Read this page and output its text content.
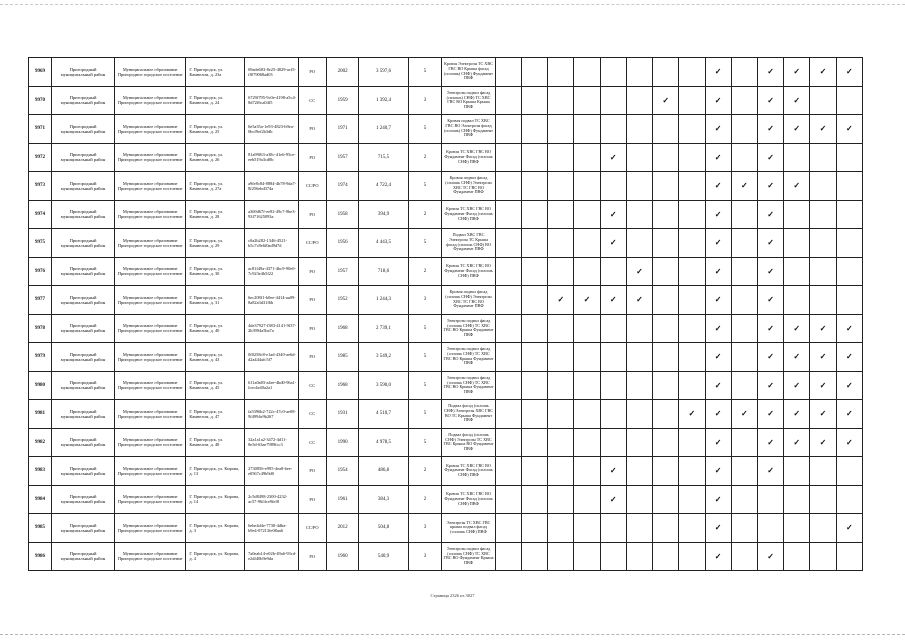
9969	Пригородный муниципальный район	Муниципальное образование Пригородное городское поселение	Г. Пригородск, ул. Камнелом, д. 23а	69ade683-8e25-4829-acf5-ff079068ad03	РО	2002	3 597,6	5	Кровля Электроэн ТС ХВС ГВС ВО Крыша фасад (сплошь) СНФ) Фундамент ПВФ									✓		✓	✓	✓	✓
9970	Пригородный муниципальный район	Муниципальное образование Пригородное городское поселение	Г. Пригородск, ул. Камнелом, д. 24	6729f795-9c0e-4198-a5c4-8d72f6ca04f5	СС	1959	1 392,4	3	Электроэн подвал фасад (сплошь) СНФ) ТС ХВС ГВС ВО Крыша Крыша ПВФ							✓		✓		✓	✓		
9971	Пригородный муниципальный район	Муниципальное образование Пригородное городское поселение	Г. Пригородск, ул. Камнелом, д. 25	6e5a35a-1e93-4823-b9ea-0bcf9ef2b3db	РО	1971	1 240,7	5	Кровля подвал ТС ХВС ГВС ВО Электроэн фасад (сплошь) СНФ) Фундамент ПВФ									✓		✓	✓	✓	✓
9972	Пригородный муниципальный район	Муниципальное образование Пригородное городское поселение	Г. Пригородск, ул. Камнелом, д. 26	81a99f63-a38c-41e6-95ce-eeb519a3cd0b	РО	1957	715,5	2	Кровля ТС ХВС ГВС ВО Фундамент Фасад (сплошь СНФ) ПВФ					✓				✓		✓			
9973	Пригородный муниципальный район	Муниципальное образование Пригородное городское поселение	Г. Пригородск, ул. Камнелом, д. 27а	a9fe8c84-8884-4b78-9da7-8f256ebd374a	СС/РО	1974	4 722,4	5	Кровля подвал фасад (сплошь СНФ) Электроэн ХВС ТС ГВС ВО Фундамент ПВФ									✓	✓	✓	✓		
9974	Пригородный муниципальный район	Муниципальное образование Пригородное городское поселение	Г. Пригородск, ул. Камнелом, д. 28	a369d67f-ee92-49c7-9be3-93f71625093a	РО	1958	394,9	2	Кровля ТС ХВС ГВС ВО Фундамент Фасад (сплошь СНФ) ПВФ					✓				✓		✓			
9975	Пригородный муниципальный район	Муниципальное образование Пригородное городское поселение	Г. Пригородск, ул. Камнелом, д. 29	c0a2b282-1346-4521-b5c7c8e6f0ad9d7d	СС/РО	1956	4 443,5	5	Подвал ХВС ГВС Электроэн ТС Крыша фасад (сплошь СНФ) ВО Фундамент ПВФ					✓				✓		✓			
9976	Пригородный муниципальный район	Муниципальное образование Пригородное городское поселение	Г. Пригородск, ул. Камнелом, д. 30	ac81f49a-4371-4bc9-90e0-7c923e4b5f22	РО	1957	718,6	2	Кровля ТС ХВС ГВС ВО Фундамент Фасад (сплошь СНФ) ПВФ						✓			✓		✓			
9977	Пригородный муниципальный район	Муниципальное образование Пригородное городское поселение	Г. Пригородск, ул. Камнелом, д. 31	6ec208f1-b0ee-4414-aa09-8a82a3d31f6b	РО	1952	1 244,3	3	Кровля подвал фасад (сплошь СНФ) Электроэн ХВС ТС ГВС ВО Фундамент ПВФ			✓	✓	✓	✓			✓		✓			
9978	Пригородный муниципальный район	Муниципальное образование Пригородное городское поселение	Г. Пригородск, ул. Камнелом, д. 40	4de37927-f383-4141-9f37-2b3994a5ba7a	РО	1968	2 739,1	5	Электроэн подвал фасад (сплошь СНФ) ТС ХВС ГВС ВО Крыша Фундамент ПВФ									✓		✓	✓	✓	✓
9979	Пригородный муниципальный район	Муниципальное образование Пригородное городское поселение	Г. Пригородск, ул. Камнелом, д. 43	0f0258c8-e1ad-4340-ae6d-d2a444afc5f7	РО	1985	3 549,2	5	Электроэн подвал фасад (сплошь СНФ) ТС ХВС ГВС ВО Крыша Фундамент ПВФ									✓		✓	✓	✓	✓
9980	Пригородный муниципальный район	Муниципальное образование Пригородное городское поселение	Г. Пригородск, ул. Камнелом, д. 45	611a0a83-a4ee-4bd0-96a1-fcec4e40a2a1	СС	1968	3 590,0	5	Электроэн подвал фасад (сплошь СНФ) ТС ХВС ГВС ВО Крыша Фундамент ПВФ									✓		✓	✓	✓	✓
9981	Пригородный муниципальный район	Муниципальное образование Пригородное городское поселение	Г. Пригородск, ул. Камнелом, д. 47	fa5396b2-722c-47c0-ae08-9f4994e9b267	СС	1931	4 510,7	5	Подвал фасад (сплошь СНФ) Электроэн ХВС ГВС ВО ТС Крыша Фундамент ПВФ								✓	✓	✓	✓	✓	✓	✓
9982	Пригородный муниципальный район	Муниципальное образование Пригородное городское поселение	Г. Пригородск, ул. Камнелом, д. 48	32a1a1a2-3472-4d11-8e5d-63ae7989fcc3	СС	1990	4 978,5	5	Подвал фасад (сплошь СНФ) Электроэн ТС ХВС ГВС Крыша ВО Фундамент ПВФ									✓		✓	✓	✓	✓
9983	Пригородный муниципальный район	Муниципальное образование Пригородное городское поселение	Г. Пригородск, ул. Кирова, д. 13	2730856-e995-4ea8-bee-e0567c49b9d0	РО	1954	486,8	2	Кровля ТС ХВС ГВС ВО Фундамент Фасад (сплошь СНФ) ПВФ					✓				✓		✓			
9984	Пригородный муниципальный район	Муниципальное образование Пригородное городское поселение	Г. Пригородск, ул. Кирова, д. 14	2c5d8498-2300-4232-ac57-96f4ce9fef8	РО	1961	384,3	2	Кровля ТС ХВС ГВС ВО Фундамент Фасад (сплошь СНФ) ПВФ					✓				✓					
9985	Пригородный муниципальный район	Муниципальное образование Пригородное городское поселение	Г. Пригородск, ул. Кирова, д. 3	6ebe4d4e-7730-4dba-b9e4-07213fe08aa6	СС/РО	2012	504,8	3	Электроэн ТС ХВС ГВС крыша подвал фасад (сплошь СНФ) ПВФ									✓					✓
9986	Пригородный муниципальный район	Муниципальное образование Пригородное городское поселение	Г. Пригородск, ул. Кирова, д. 4	7a0eab14-e02b-49a6-93cd-e2df40b9e9da	РО	1960	540,9	3	Электроэн подвал фасад (сплошь СНФ) ТС ХВС ГВС ВО Фундамент Крыша ПВФ									✓		✓			
Страница 2326 из 3027
